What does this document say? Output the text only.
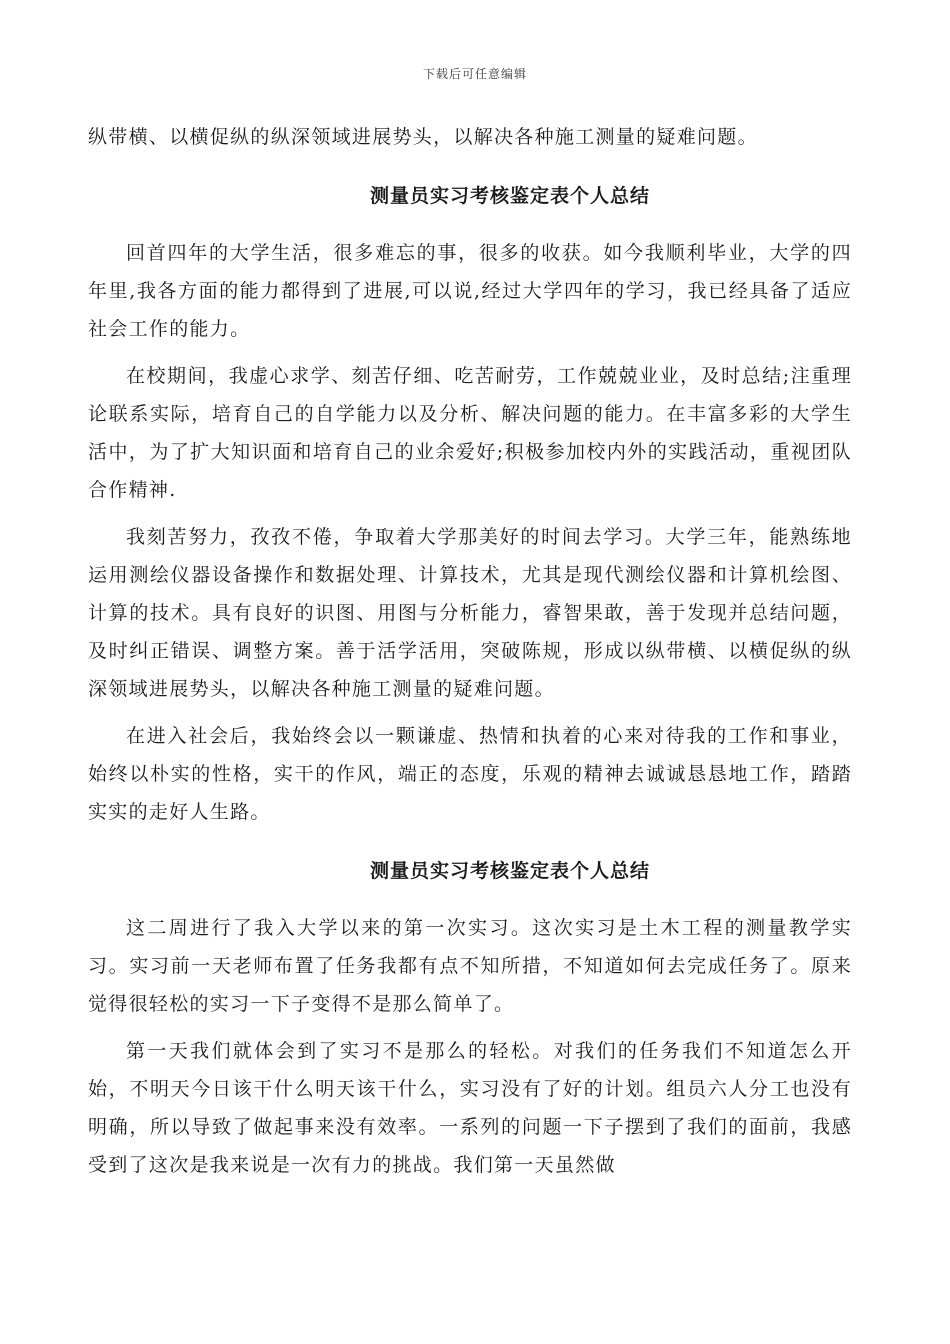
下载后可任意编辑

纵带横、以横促纵的纵深领域进展势头，以解决各种施工测量的疑难问题。

测量员实习考核鉴定表个人总结

回首四年的大学生活，很多难忘的事，很多的收获。如今我顺利毕业，大学的四年里,我各方面的能力都得到了进展,可以说,经过大学四年的学习，我已经具备了适应社会工作的能力。

在校期间，我虚心求学、刻苦仔细、吃苦耐劳，工作兢兢业业，及时总结;注重理论联系实际，培育自己的自学能力以及分析、解决问题的能力。在丰富多彩的大学生活中，为了扩大知识面和培育自己的业余爱好;积极参加校内外的实践活动，重视团队合作精神.

我刻苦努力，孜孜不倦，争取着大学那美好的时间去学习。大学三年，能熟练地运用测绘仪器设备操作和数据处理、计算技术，尤其是现代测绘仪器和计算机绘图、计算的技术。具有良好的识图、用图与分析能力，睿智果敢，善于发现并总结问题，及时纠正错误、调整方案。善于活学活用，突破陈规，形成以纵带横、以横促纵的纵深领域进展势头，以解决各种施工测量的疑难问题。

在进入社会后，我始终会以一颗谦虚、热情和执着的心来对待我的工作和事业，始终以朴实的性格，实干的作风，端正的态度，乐观的精神去诚诚恳恳地工作，踏踏实实的走好人生路。

测量员实习考核鉴定表个人总结

这二周进行了我入大学以来的第一次实习。这次实习是土木工程的测量教学实习。实习前一天老师布置了任务我都有点不知所措，不知道如何去完成任务了。原来觉得很轻松的实习一下子变得不是那么简单了。

第一天我们就体会到了实习不是那么的轻松。对我们的任务我们不知道怎么开始，不明天今日该干什么明天该干什么，实习没有了好的计划。组员六人分工也没有明确，所以导致了做起事来没有效率。一系列的问题一下子摆到了我们的面前，我感受到了这次是我来说是一次有力的挑战。我们第一天虽然做
